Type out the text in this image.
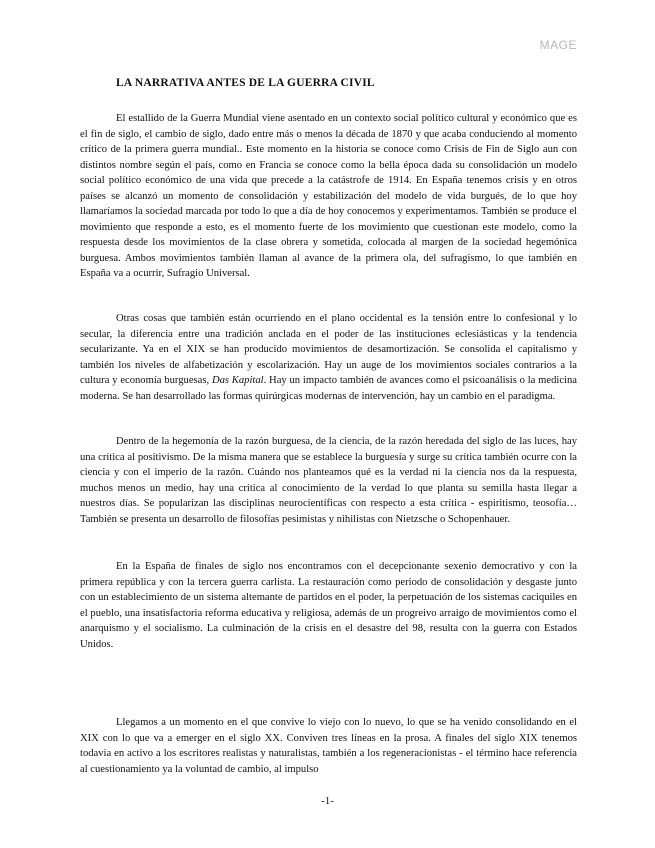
MAGE
LA NARRATIVA ANTES DE LA GUERRA CIVIL

El estallido de la Guerra Mundial viene asentado en un contexto social político cultural y económico que es el fin de siglo, el cambio de siglo, dado entre más o menos la década de 1870 y que acaba conduciendo al momento crítico de la primera guerra mundial.. Este momento en la historia se conoce como Crisis de Fin de Siglo aun con distintos nombre según el país, como en Francia se conoce como la bella época dada su consolidación un modelo social político económico de una vida que precede a la catástrofe de 1914. En España tenemos crisis y en otros países se alcanzó un momento de consolidación y estabilización del modelo de vida burgués, de lo que hoy llamaríamos la sociedad marcada por todo lo que a día de hoy conocemos y experimentamos. También se produce el movimiento que responde a esto, es el momento fuerte de los movimiento que cuestionan este modelo, como la respuesta desde los movimientos de la clase obrera y sometida, colocada al margen de la sociedad hegemónica burguesa. Ambos movimientos también llaman al avance de la primera ola, del sufragismo, lo que también en España va a ocurrir, Sufragio Universal.

Otras cosas que también están ocurriendo en el plano occidental es la tensión entre lo confesional y lo secular, la diferencia entre una tradición anclada en el poder de las instituciones eclesiásticas y la tendencia secularizante. Ya en el XIX se han producido movimientos de desamortización. Se consolida el capitalismo y también los niveles de alfabetización y escolarización. Hay un auge de los movimientos sociales contrarios a la cultura y economía burguesas, Das Kapital. Hay un impacto también de avances como el psicoanálisis o la medicina moderna. Se han desarrollado las formas quirúrgicas modernas de intervención, hay un cambio en el paradigma.

Dentro de la hegemonía de la razón burguesa, de la ciencia, de la razón heredada del siglo de las luces, hay una crítica al positivismo. De la misma manera que se establece la burguesía y surge su crítica también ocurre con la ciencia y con el imperio de la razón. Cuándo nos planteamos qué es la verdad ni la ciencia nos da la respuesta, muchos menos un medio, hay una crítica al conocimiento de la verdad lo que planta su semilla hasta llegar a nuestros días. Se popularizan las disciplinas neurocientíficas con respecto a esta crítica - espiritismo, teosofía… También se presenta un desarrollo de filosofías pesimistas y nihilistas con Nietzsche o Schopenhauer.

En la España de finales de siglo nos encontramos con el decepcionante sexenio democrativo y con la primera república y con la tercera guerra carlista. La restauración como periodo de consolidación y desgaste junto con un establecimiento de un sistema altemante de partidos en el poder, la perpetuación de los sistemas caciquiles en el pueblo, una insatisfactoria reforma educativa y religiosa, además de un progreivo arraigo de movimientos como el anarquismo y el socialismo. La culminación de la crisis en el desastre del 98, resulta con la guerra con Estados Unidos.

Llegamos a un momento en el que convive lo viejo con lo nuevo, lo que se ha venido consolidando en el XIX con lo que va a emerger en el siglo XX. Conviven tres líneas en la prosa. A finales del siglo XIX tenemos todavía en activo a los escritores realistas y naturalistas, también a los regeneracionistas - el término hace referencia al cuestionamiento ya la voluntad de cambio, al impulso

-1-
